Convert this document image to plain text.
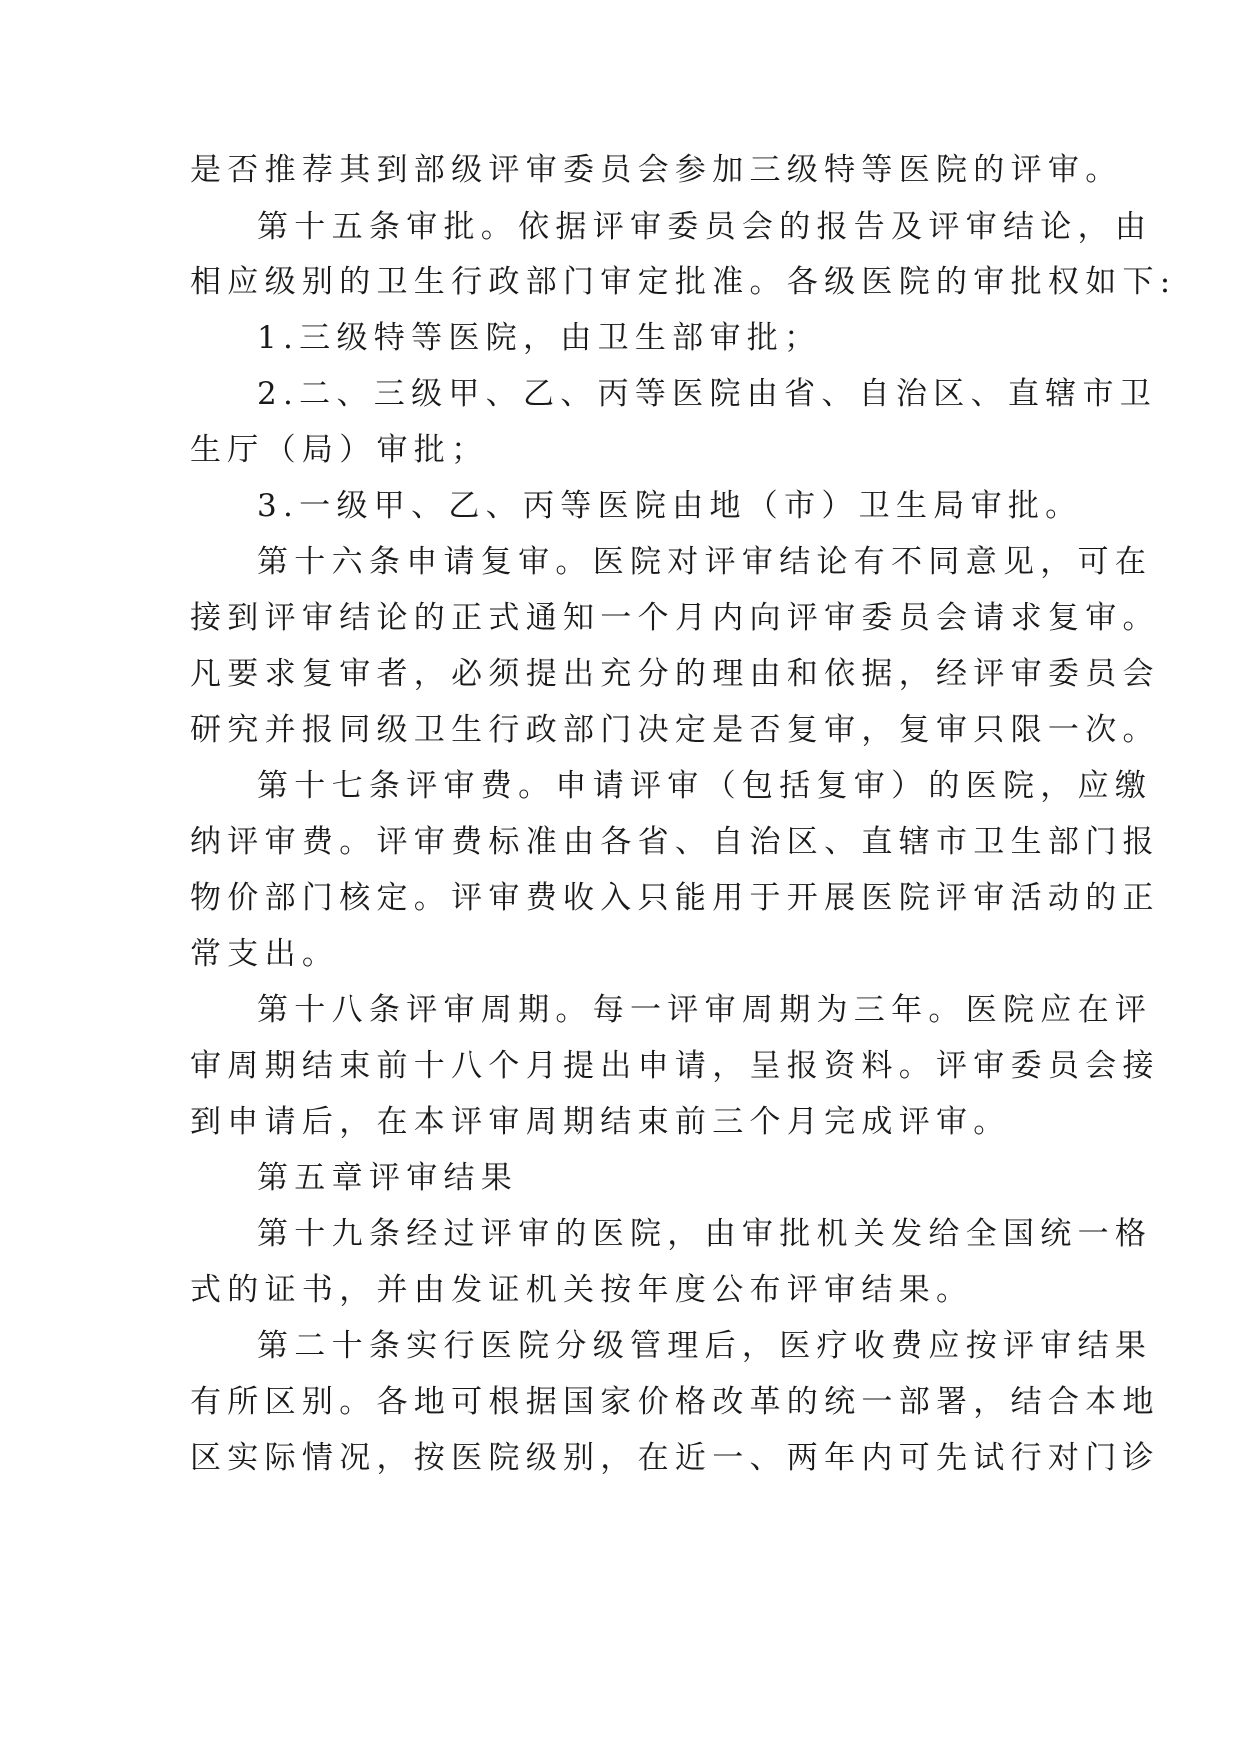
是否推荐其到部级评审委员会参加三级特等医院的评审。
第十五条审批。依据评审委员会的报告及评审结论，由
相应级别的卫生行政部门审定批准。各级医院的审批权如下:
1.三级特等医院，由卫生部审批；
2.二、三级甲、乙、丙等医院由省、自治区、直辖市卫
生厅（局）审批；
3.一级甲、乙、丙等医院由地（市）卫生局审批。
第十六条申请复审。医院对评审结论有不同意见，可在
接到评审结论的正式通知一个月内向评审委员会请求复审。
凡要求复审者，必须提出充分的理由和依据，经评审委员会
研究并报同级卫生行政部门决定是否复审，复审只限一次。
第十七条评审费。申请评审（包括复审）的医院，应缴
纳评审费。评审费标准由各省、自治区、直辖市卫生部门报
物价部门核定。评审费收入只能用于开展医院评审活动的正
常支出。
第十八条评审周期。每一评审周期为三年。医院应在评
审周期结束前十八个月提出申请，呈报资料。评审委员会接
到申请后，在本评审周期结束前三个月完成评审。
第五章评审结果
第十九条经过评审的医院，由审批机关发给全国统一格
式的证书，并由发证机关按年度公布评审结果。
第二十条实行医院分级管理后，医疗收费应按评审结果
有所区别。各地可根据国家价格改革的统一部署，结合本地
区实际情况，按医院级别，在近一、两年内可先试行对门诊
